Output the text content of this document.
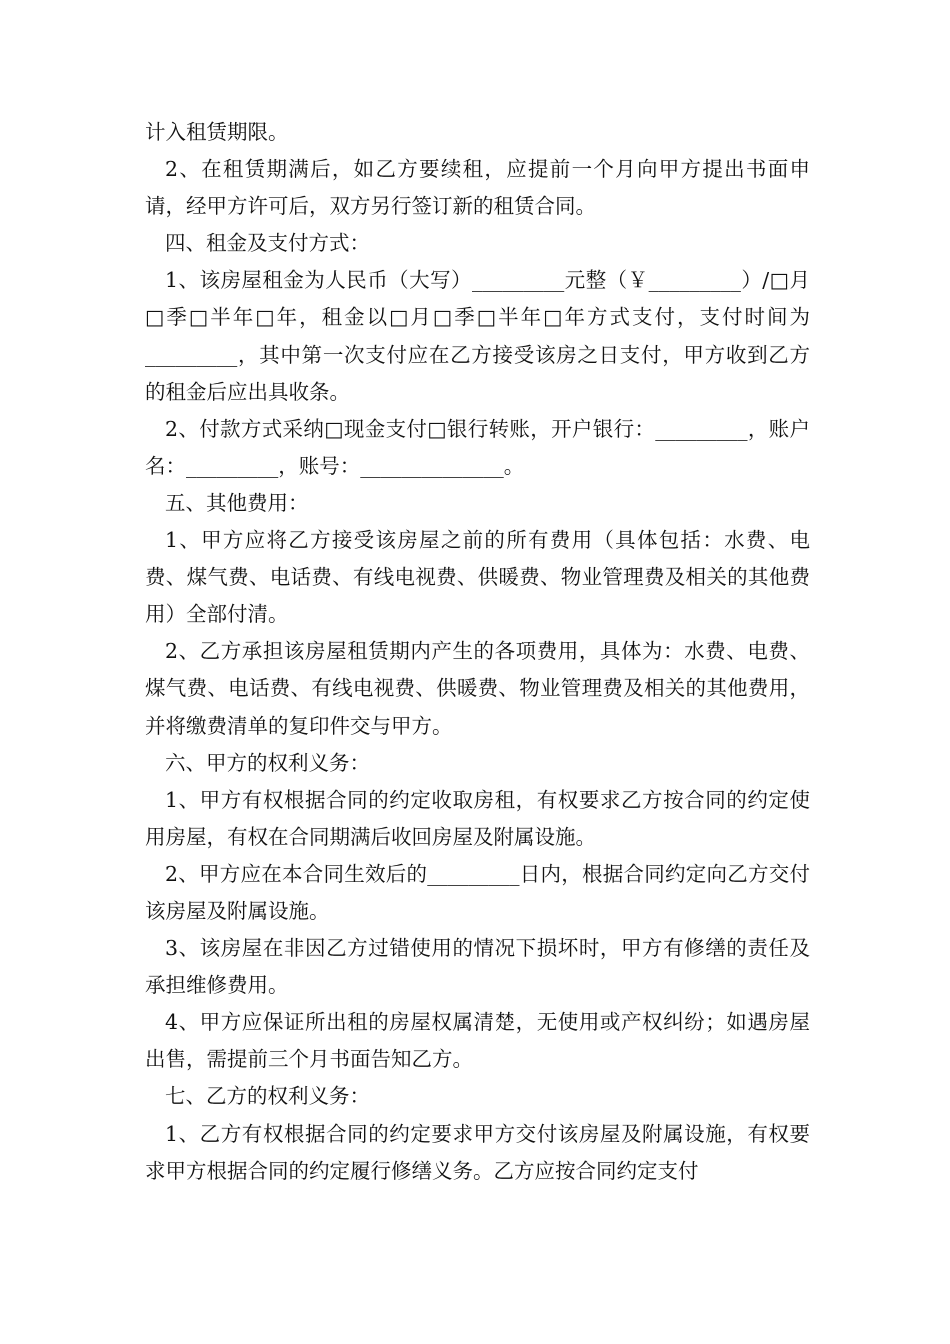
计入租赁期限。

2、在租赁期满后，如乙方要续租，应提前一个月向甲方提出书面申请，经甲方许可后，双方另行签订新的租赁合同。

四、租金及支付方式：

1、该房屋租金为人民币（大写）_________元整（￥_________）/□月□季□半年□年，租金以□月□季□半年□年方式支付，支付时间为_________，其中第一次支付应在乙方接受该房之日支付，甲方收到乙方的租金后应出具收条。

2、付款方式采纳□现金支付□银行转账，开户银行：_________，账户名：_________，账号：______________。

五、其他费用：

1、甲方应将乙方接受该房屋之前的所有费用（具体包括：水费、电费、煤气费、电话费、有线电视费、供暖费、物业管理费及相关的其他费用）全部付清。

2、乙方承担该房屋租赁期内产生的各项费用，具体为：水费、电费、煤气费、电话费、有线电视费、供暖费、物业管理费及相关的其他费用，并将缴费清单的复印件交与甲方。

六、甲方的权利义务：

1、甲方有权根据合同的约定收取房租，有权要求乙方按合同的约定使用房屋，有权在合同期满后收回房屋及附属设施。

2、甲方应在本合同生效后的_________日内，根据合同约定向乙方交付该房屋及附属设施。

3、该房屋在非因乙方过错使用的情况下损坏时，甲方有修缮的责任及承担维修费用。

4、甲方应保证所出租的房屋权属清楚，无使用或产权纠纷；如遇房屋出售，需提前三个月书面告知乙方。

七、乙方的权利义务：

1、乙方有权根据合同的约定要求甲方交付该房屋及附属设施，有权要求甲方根据合同的约定履行修缮义务。乙方应按合同约定支付
